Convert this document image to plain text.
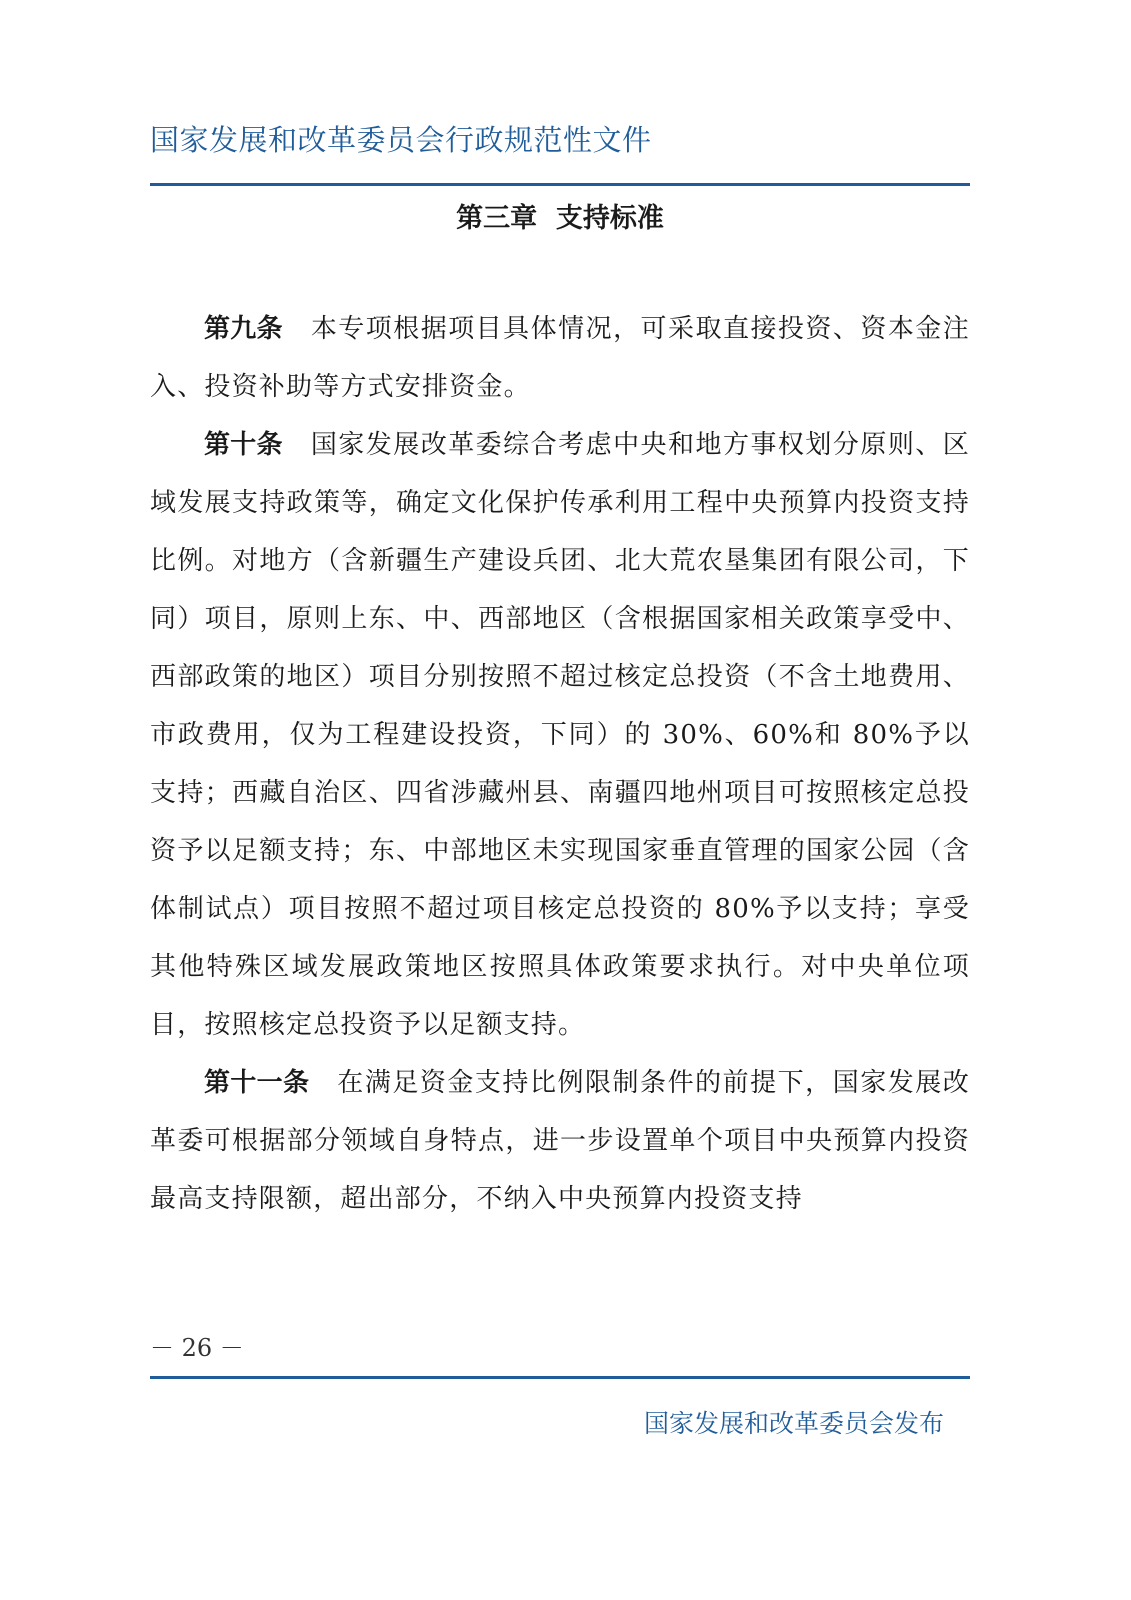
国家发展和改革委员会行政规范性文件
第三章  支持标准

第九条 本专项根据项目具体情况，可采取直接投资、资本金注入、投资补助等方式安排资金。

第十条 国家发展改革委综合考虑中央和地方事权划分原则、区域发展支持政策等，确定文化保护传承利用工程中央预算内投资支持比例。对地方（含新疆生产建设兵团、北大荒农垦集团有限公司，下同）项目，原则上东、中、西部地区（含根据国家相关政策享受中、西部政策的地区）项目分别按照不超过核定总投资（不含土地费用、市政费用，仅为工程建设投资，下同）的 30%、60%和 80%予以支持；西藏自治区、四省涉藏州县、南疆四地州项目可按照核定总投资予以足额支持；东、中部地区未实现国家垂直管理的国家公园（含体制试点）项目按照不超过项目核定总投资的 80%予以支持；享受其他特殊区域发展政策地区按照具体政策要求执行。对中央单位项目，按照核定总投资予以足额支持。

第十一条 在满足资金支持比例限制条件的前提下，国家发展改革委可根据部分领域自身特点，进一步设置单个项目中央预算内投资最高支持限额，超出部分，不纳入中央预算内投资支持

－ 26 －
国家发展和改革委员会发布
